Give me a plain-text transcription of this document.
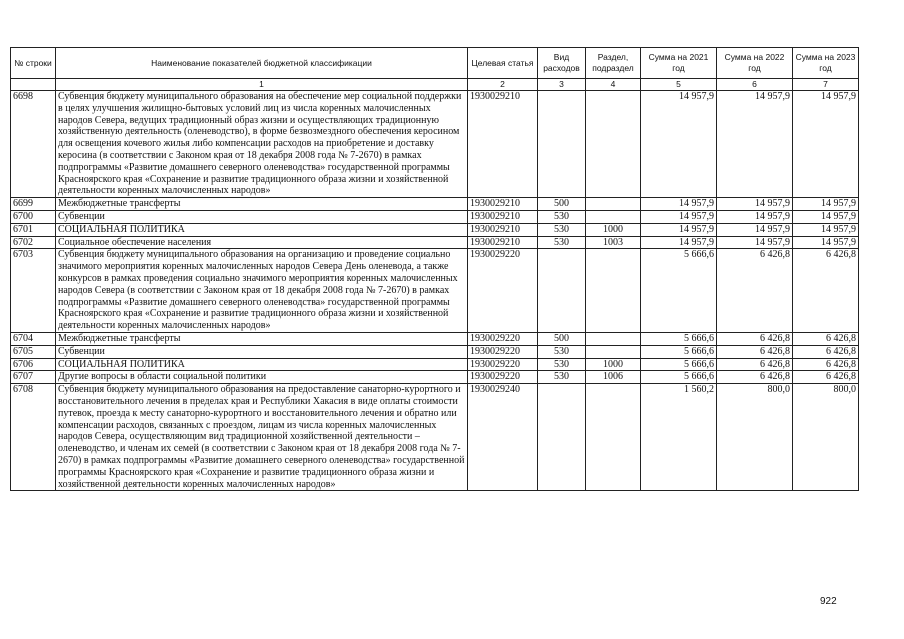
№ строки	Наименование показателей бюджетной классификации	Целевая статья	Вид расходов	Раздел, подраздел	Сумма на 2021 год	Сумма на 2022 год	Сумма на 2023 год
	1	2	3	4	5	6	7
6698	Субвенция бюджету муниципального образования на обеспечение мер социальной поддержки в целях улучшения жилищно-бытовых условий лиц из числа коренных малочисленных народов Севера, ведущих традиционный образ жизни и осуществляющих традиционную хозяйственную деятельность (оленеводство), в форме безвозмездного обеспечения керосином для освещения кочевого жилья либо компенсации расходов на приобретение и доставку керосина (в соответствии с Законом края от 18 декабря 2008 года № 7-2670) в рамках подпрограммы «Развитие домашнего северного оленеводства» государственной программы Красноярского края «Сохранение и развитие традиционного образа жизни и хозяйственной деятельности коренных малочисленных народов»	1930029210			14 957,9	14 957,9	14 957,9
6699	Межбюджетные трансферты	1930029210	500		14 957,9	14 957,9	14 957,9
6700	Субвенции	1930029210	530		14 957,9	14 957,9	14 957,9
6701	СОЦИАЛЬНАЯ ПОЛИТИКА	1930029210	530	1000	14 957,9	14 957,9	14 957,9
6702	Социальное обеспечение населения	1930029210	530	1003	14 957,9	14 957,9	14 957,9
6703	Субвенция бюджету муниципального образования на организацию и проведение социально значимого мероприятия коренных малочисленных народов Севера День оленевода, а также конкурсов в рамках проведения социально значимого мероприятия коренных малочисленных народов Севера (в соответствии с Законом края от 18 декабря 2008 года № 7-2670) в рамках подпрограммы «Развитие домашнего северного оленеводства» государственной программы Красноярского края «Сохранение и развитие традиционного образа жизни и хозяйственной деятельности коренных малочисленных народов»	1930029220			5 666,6	6 426,8	6 426,8
6704	Межбюджетные трансферты	1930029220	500		5 666,6	6 426,8	6 426,8
6705	Субвенции	1930029220	530		5 666,6	6 426,8	6 426,8
6706	СОЦИАЛЬНАЯ ПОЛИТИКА	1930029220	530	1000	5 666,6	6 426,8	6 426,8
6707	Другие вопросы в области социальной политики	1930029220	530	1006	5 666,6	6 426,8	6 426,8
6708	Субвенция бюджету муниципального образования на предоставление санаторно-курортного и восстановительного лечения в пределах края и Республики Хакасия в виде оплаты стоимости путевок, проезда к месту санаторно-курортного и восстановительного лечения и обратно или компенсации расходов, связанных с проездом, лицам из числа коренных малочисленных народов Севера, осуществляющим вид традиционной хозяйственной деятельности – оленеводство, и членам их семей (в соответствии с Законом края от 18 декабря 2008 года № 7-2670) в рамках подпрограммы «Развитие домашнего северного оленеводства» государственной программы Красноярского края «Сохранение и развитие традиционного образа жизни и хозяйственной деятельности коренных малочисленных народов»	1930029240			1 560,2	800,0	800,0
922
